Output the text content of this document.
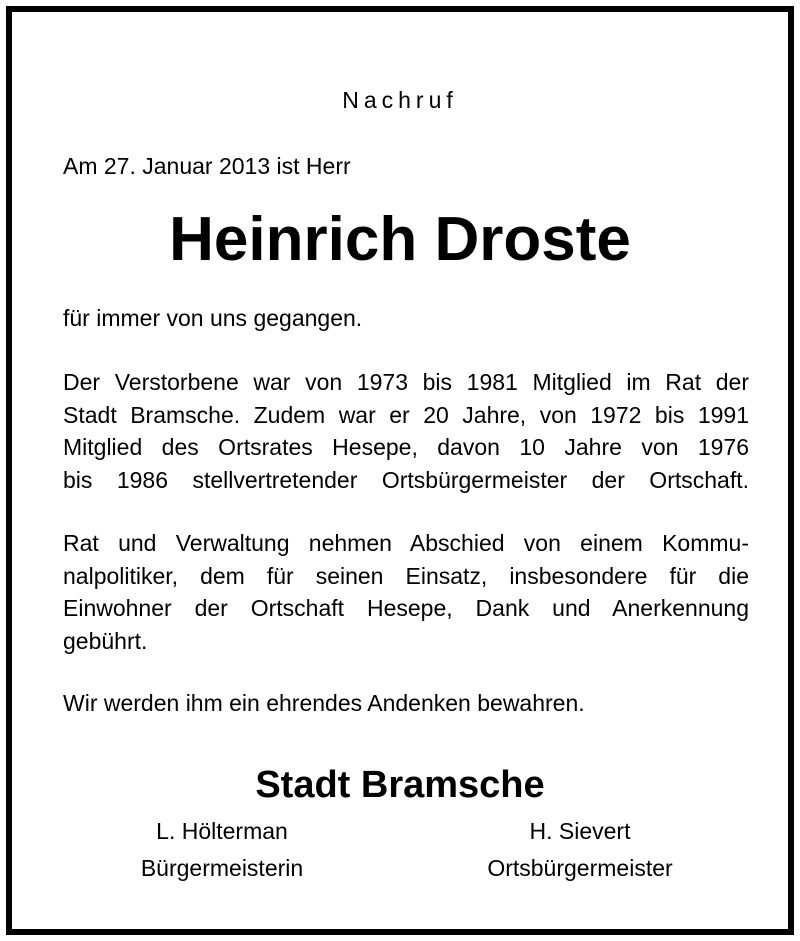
Nachruf
Am 27. Januar 2013 ist Herr
Heinrich Droste
für immer von uns gegangen.
Der Verstorbene war von 1973 bis 1981 Mitglied im Rat der
Stadt Bramsche. Zudem war er 20 Jahre, von 1972 bis 1991
Mitglied des Ortsrates Hesepe, davon 10 Jahre von 1976
bis 1986 stellvertretender Ortsbürgermeister der Ortschaft.
Rat und Verwaltung nehmen Abschied von einem Kommu-
nalpolitiker, dem für seinen Einsatz, insbesondere für die
Einwohner der Ortschaft Hesepe, Dank und Anerkennung
gebührt.
Wir werden ihm ein ehrendes Andenken bewahren.
Stadt Bramsche
L. Hölterman
Bürgermeisterin
H. Sievert
Ortsbürgermeister
